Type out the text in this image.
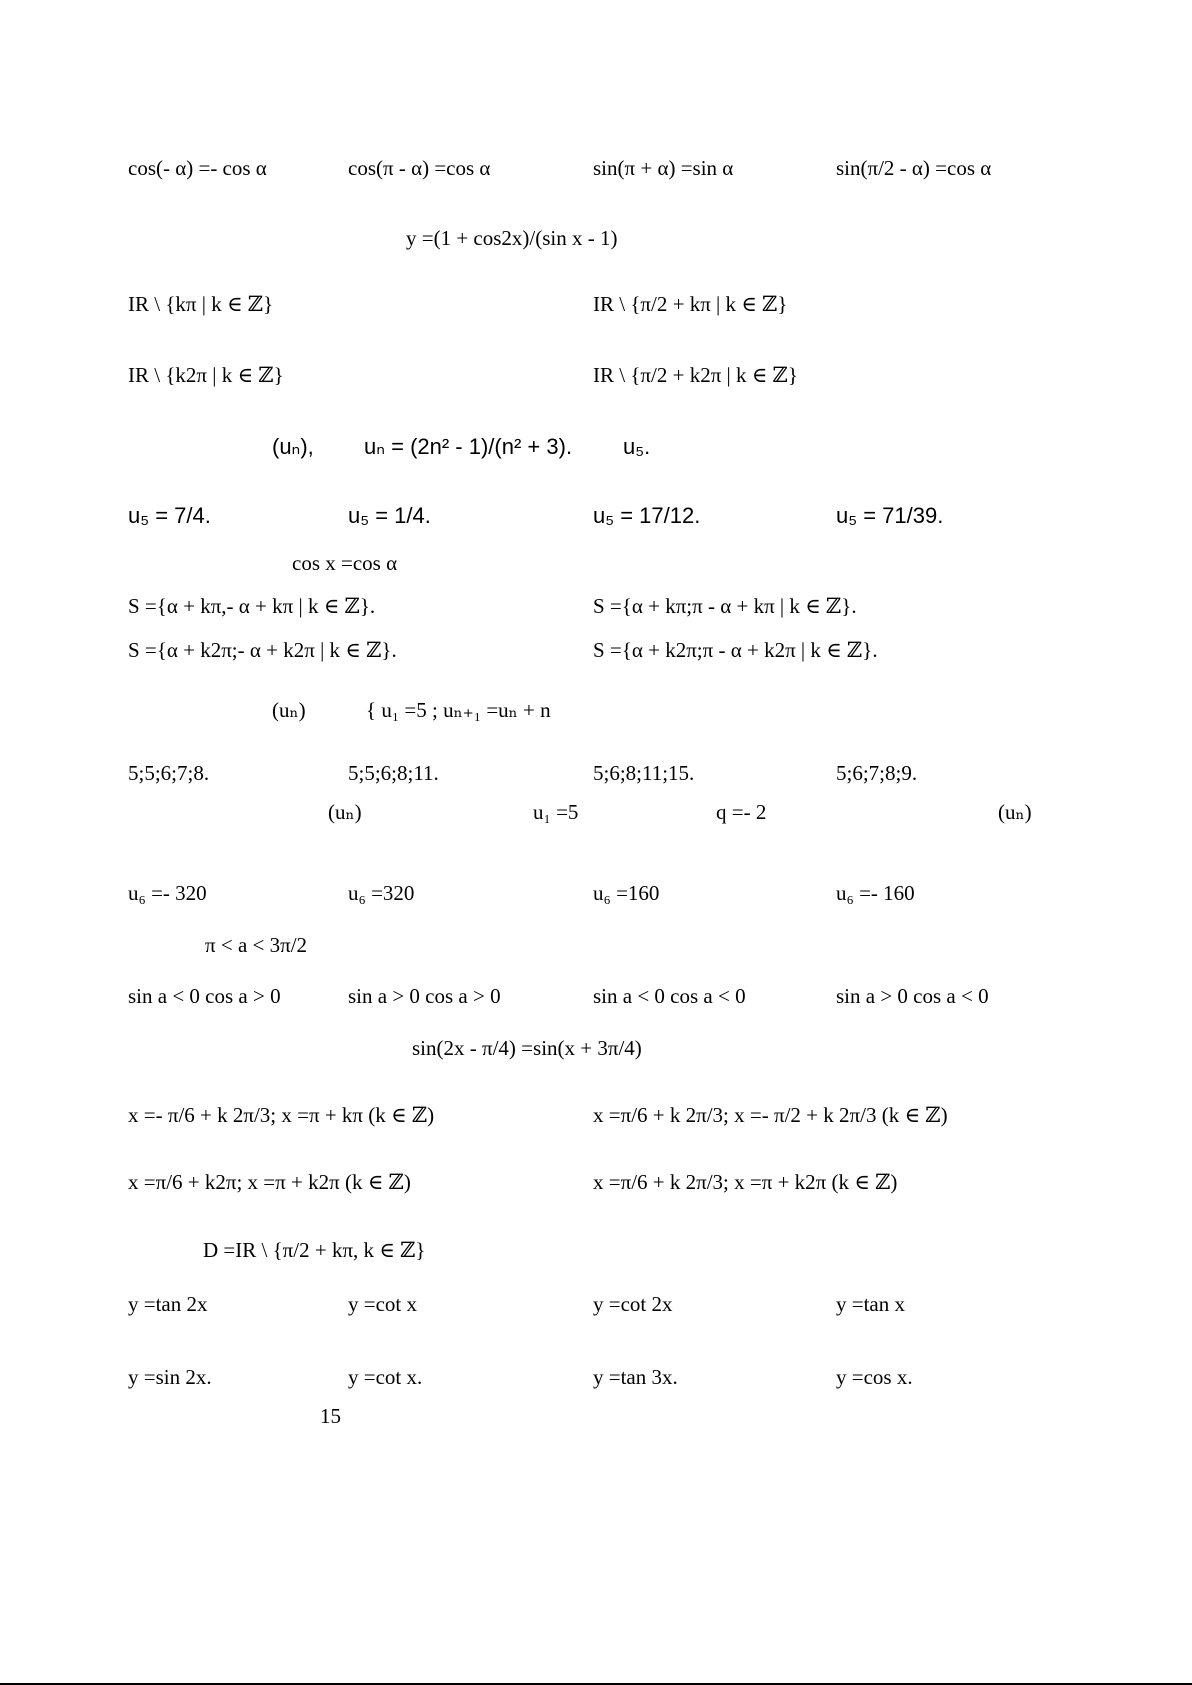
cos(- α) =- cos α	cos(π - α) =cos α	sin(π + α) =sin α	sin(π/2 - α) =cos α
y =(1 + cos2x)/(sin x - 1)
IR \ {kπ | k ∈ ℤ}	IR \ {π/2 + kπ | k ∈ ℤ}
IR \ {k2π | k ∈ ℤ}	IR \ {π/2 + k2π | k ∈ ℤ}
(uₙ), uₙ = (2n² - 1)/(n² + 3). u₅.
u₅ = 7/4.	u₅ = 1/4.	u₅ = 17/12.	u₅ = 71/39.
cos x =cos α
S ={α + kπ,- α + kπ | k ∈ ℤ}.	S ={α + kπ;π - α + kπ | k ∈ ℤ}.
S ={α + k2π;- α + k2π | k ∈ ℤ}.	S ={α + k2π;π - α + k2π | k ∈ ℤ}.
(uₙ)	{ u₁ =5 ; uₙ₊₁ =uₙ + n
5;5;6;7;8.	5;5;6;8;11.	5;6;8;11;15.	5;6;7;8;9.
(uₙ)	u₁ =5	q =- 2	(uₙ)
u₆ =- 320	u₆ =320	u₆ =160	u₆ =- 160
π < a < 3π/2
sin a < 0 cos a > 0	sin a > 0 cos a > 0	sin a < 0 cos a < 0	sin a > 0 cos a < 0
sin(2x - π/4) =sin(x + 3π/4)
x =- π/6 + k 2π/3; x =π + kπ (k ∈ ℤ)	x =π/6 + k 2π/3; x =- π/2 + k 2π/3 (k ∈ ℤ)
x =π/6 + k2π; x =π + k2π (k ∈ ℤ)	x =π/6 + k 2π/3; x =π + k2π (k ∈ ℤ)
D =IR \ {π/2 + kπ, k ∈ ℤ}
y =tan 2x	y =cot x	y =cot 2x	y =tan x
y =sin 2x.	y =cot x.	y =tan 3x.	y =cos x.
15
